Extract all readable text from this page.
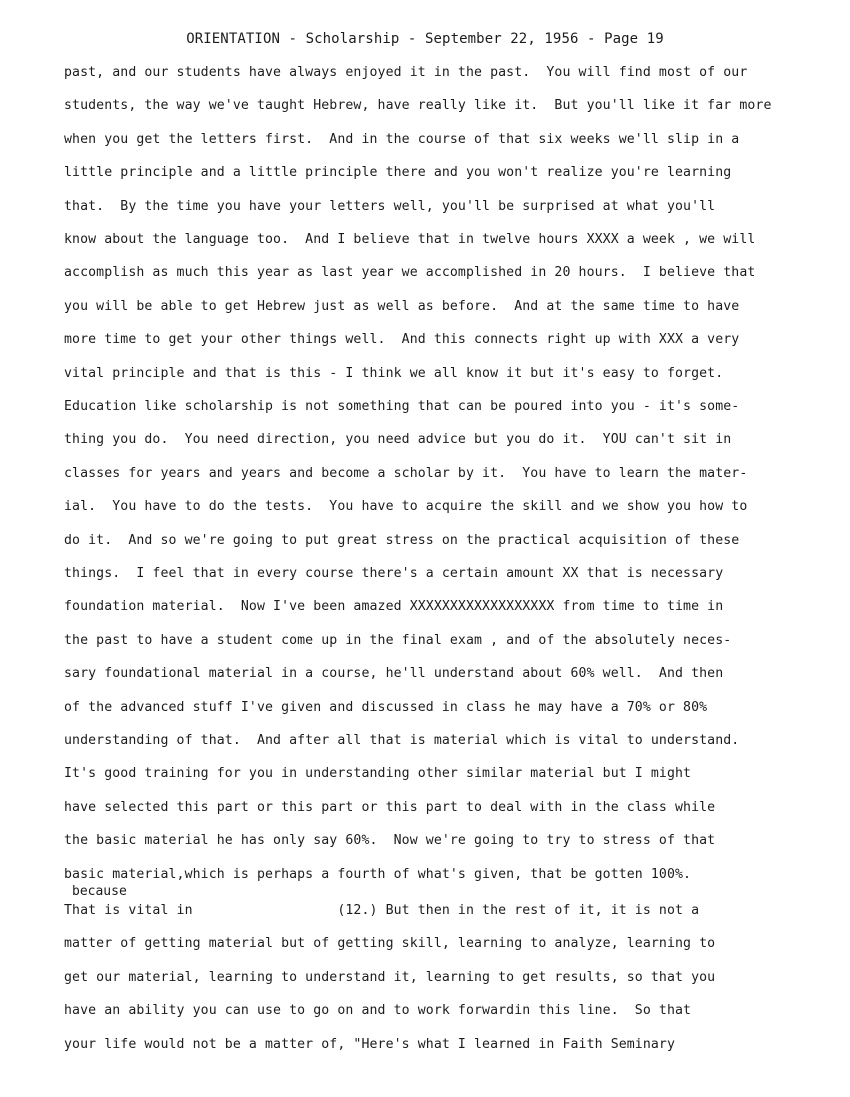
ORIENTATION - Scholarship - September 22, 1956 - Page 19
because
past, and our students have always enjoyed it in the past.  You will find most of our
students, the way we've taught Hebrew, have really like it.  But you'll like it far more
when you get the letters first.  And in the course of that six weeks we'll slip in a
little principle and a little principle there and you won't realize you're learning
that.  By the time you have your letters well, you'll be surprised at what you'll
know about the language too.  And I believe that in twelve hours XXXX a week , we will
accomplish as much this year as last year we accomplished in 20 hours.  I believe that
you will be able to get Hebrew just as well as before.  And at the same time to have
more time to get your other things well.  And this connects right up with XXX a very
vital principle and that is this - I think we all know it but it's easy to forget.
Education like scholarship is not something that can be poured into you - it's some-
thing you do.  You need direction, you need advice but you do it.  YOU can't sit in
classes for years and years and become a scholar by it.  You have to learn the mater-
ial.  You have to do the tests.  You have to acquire the skill and we show you how to
do it.  And so we're going to put great stress on the practical acquisition of these
things.  I feel that in every course there's a certain amount XX that is necessary
foundation material.  Now I've been amazed XXXXXXXXXXXXXXXXXX from time to time in
the past to have a student come up in the final exam , and of the absolutely neces-
sary foundational material in a course, he'll understand about 60% well.  And then
of the advanced stuff I've given and discussed in class he may have a 70% or 80%
understanding of that.  And after all that is material which is vital to understand.
It's good training for you in understanding other similar material but I might
have selected this part or this part or this part to deal with in the class while
the basic material he has only say 60%.  Now we're going to try to stress of that
basic material,which is perhaps a fourth of what's given, that be gotten 100%.
That is vital in                  (12.) But then in the rest of it, it is not a
matter of getting material but of getting skill, learning to analyze, learning to
get our material, learning to understand it, learning to get results, so that you
have an ability you can use to go on and to work forwardin this line.  So that
your life would not be a matter of, "Here's what I learned in Faith Seminary
